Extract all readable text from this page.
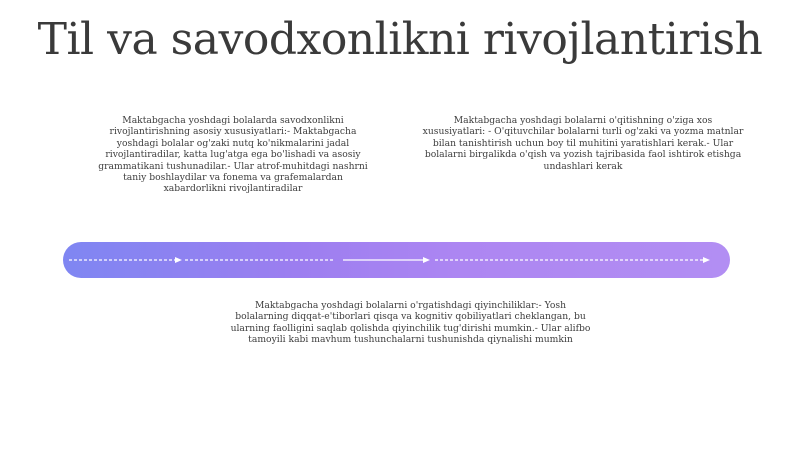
Til va savodxonlikni rivojlantirish

Maktabgacha yoshdagi bolalarda savodxonlikni rivojlantirishning asosiy xususiyatlari:- Maktabgacha yoshdagi bolalar og'zaki nutq ko'nikmalarini jadal rivojlantiradilar, katta lug'atga ega bo'lishadi va asosiy grammatikani tushunadilar.- Ular atrof-muhitdagi nashrni taniy boshlaydilar va fonema va grafemalardan xabardorlikni rivojlantiradilar

Maktabgacha yoshdagi bolalarni o'qitishning o'ziga xos xususiyatlari: - O'qituvchilar bolalarni turli og'zaki va yozma matnlar bilan tanishtirish uchun boy til muhitini yaratishlari kerak.- Ular bolalarni birgalikda o'qish va yozish tajribasida faol ishtirok etishga undashlari kerak

Maktabgacha yoshdagi bolalarni o'rgatishdagi qiyinchiliklar:- Yosh bolalarning diqqat-e'tiborlari qisqa va kognitiv qobiliyatlari cheklangan, bu ularning faolligini saqlab qolishda qiyinchilik tug'dirishi mumkin.- Ular alifbo tamoyili kabi mavhum tushunchalarni tushunishda qiynalishi mumkin
